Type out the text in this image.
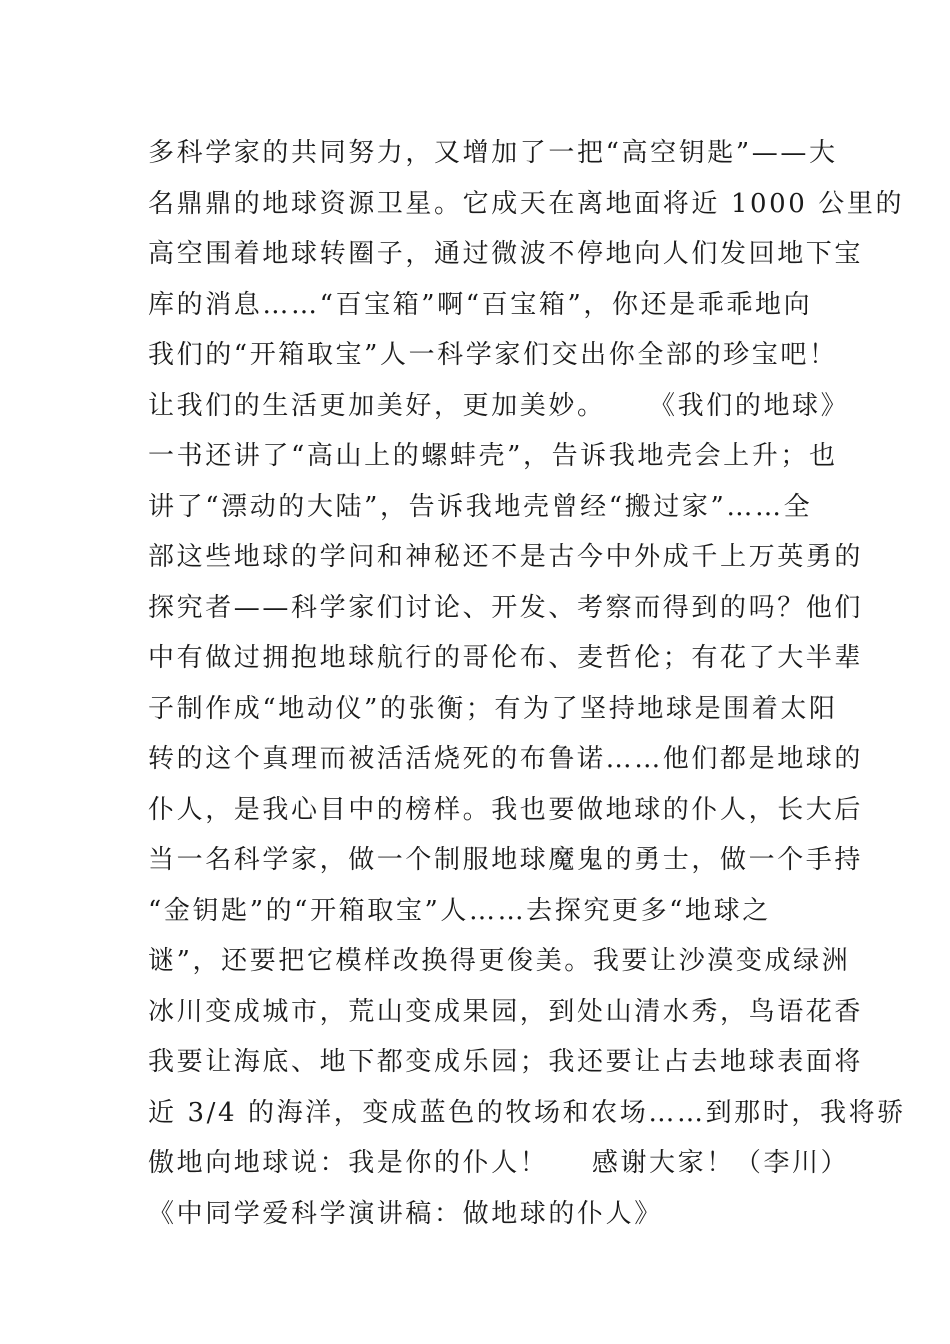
多科学家的共同努力，又增加了一把“高空钥匙”——大
名鼎鼎的地球资源卫星。它成天在离地面将近 1000 公里的
高空围着地球转圈子，通过微波不停地向人们发回地下宝
库的消息……“百宝箱”啊“百宝箱”，你还是乖乖地向
我们的“开箱取宝”人一科学家们交出你全部的珍宝吧！
让我们的生活更加美好，更加美妙。    《我们的地球》
一书还讲了“高山上的螺蚌壳”，告诉我地壳会上升；也
讲了“漂动的大陆”，告诉我地壳曾经“搬过家”……全
部这些地球的学问和神秘还不是古今中外成千上万英勇的
探究者——科学家们讨论、开发、考察而得到的吗？他们
中有做过拥抱地球航行的哥伦布、麦哲伦；有花了大半辈
子制作成“地动仪”的张衡；有为了坚持地球是围着太阳
转的这个真理而被活活烧死的布鲁诺……他们都是地球的
仆人，是我心目中的榜样。我也要做地球的仆人，长大后
当一名科学家，做一个制服地球魔鬼的勇士，做一个手持
“金钥匙”的“开箱取宝”人……去探究更多“地球之
谜”，还要把它模样改换得更俊美。我要让沙漠变成绿洲
冰川变成城市，荒山变成果园，到处山清水秀，鸟语花香
我要让海底、地下都变成乐园；我还要让占去地球表面将
近 3/4 的海洋，变成蓝色的牧场和农场……到那时，我将骄
傲地向地球说：我是你的仆人！    感谢大家！（李川）
《中同学爱科学演讲稿：做地球的仆人》
